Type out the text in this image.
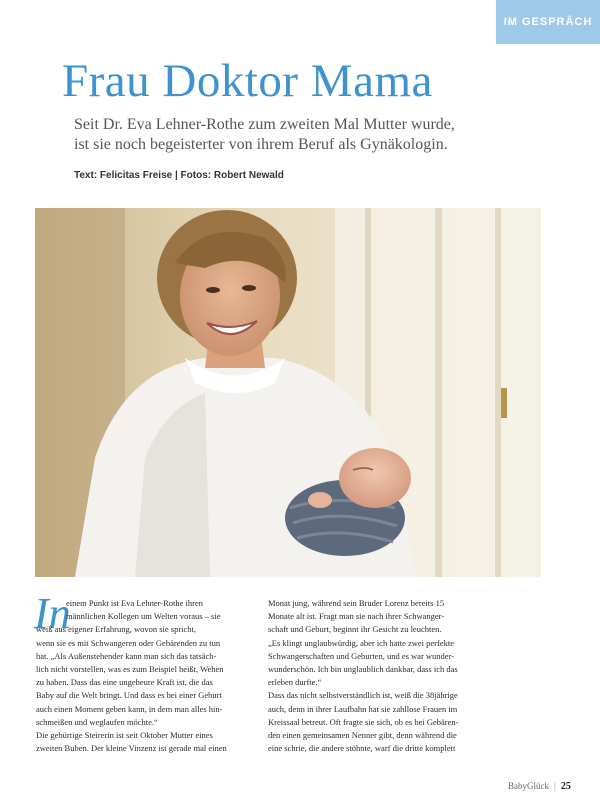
IM GESPRÄCH
Frau Doktor Mama
Seit Dr. Eva Lehner-Rothe zum zweiten Mal Mutter wurde,
ist sie noch begeisterter von ihrem Beruf als Gynäkologin.
Text: Felicitas Freise | Fotos: Robert Newald
In
einem Punkt ist Eva Lehner-Rothe ihren
männlichen Kollegen um Welten voraus – sie
weiß aus eigener Erfahrung, wovon sie spricht,
wenn sie es mit Schwangeren oder Gebärenden zu tun
hat. „Als Außenstehender kann man sich das tatsäch-
lich nicht vorstellen, was es zum Beispiel heißt, Wehen
zu haben. Dass das eine ungeheure Kraft ist, die das
Baby auf die Welt bringt. Und dass es bei einer Geburt
auch einen Moment geben kann, in dem man alles hin-
schmeißen und weglaufen möchte.“
Die gebürtige Steirerin ist seit Oktober Mutter eines
zweiten Buben. Der kleine Vinzenz ist gerade mal einen
Monat jung, während sein Bruder Lorenz bereits 15
Monate alt ist. Fragt man sie nach ihrer Schwanger-
schaft und Geburt, beginnt ihr Gesicht zu leuchten.
„Es klingt unglaubwürdig, aber ich hatte zwei perfekte
Schwangerschaften und Geburten, und es war wunder-
wunderschön. Ich bin unglaublich dankbar, dass ich das
erleben durfte.“
Dass das nicht selbstverständlich ist, weiß die 38jährige
auch, denn in ihrer Laufbahn hat sie zahllose Frauen im
Kreissaal betreut. Oft fragte sie sich, ob es bei Gebären-
den einen gemeinsamen Nenner gibt, denn während die
eine schrie, die andere stöhnte, warf die dritte komplett
BabyGlück | 25
